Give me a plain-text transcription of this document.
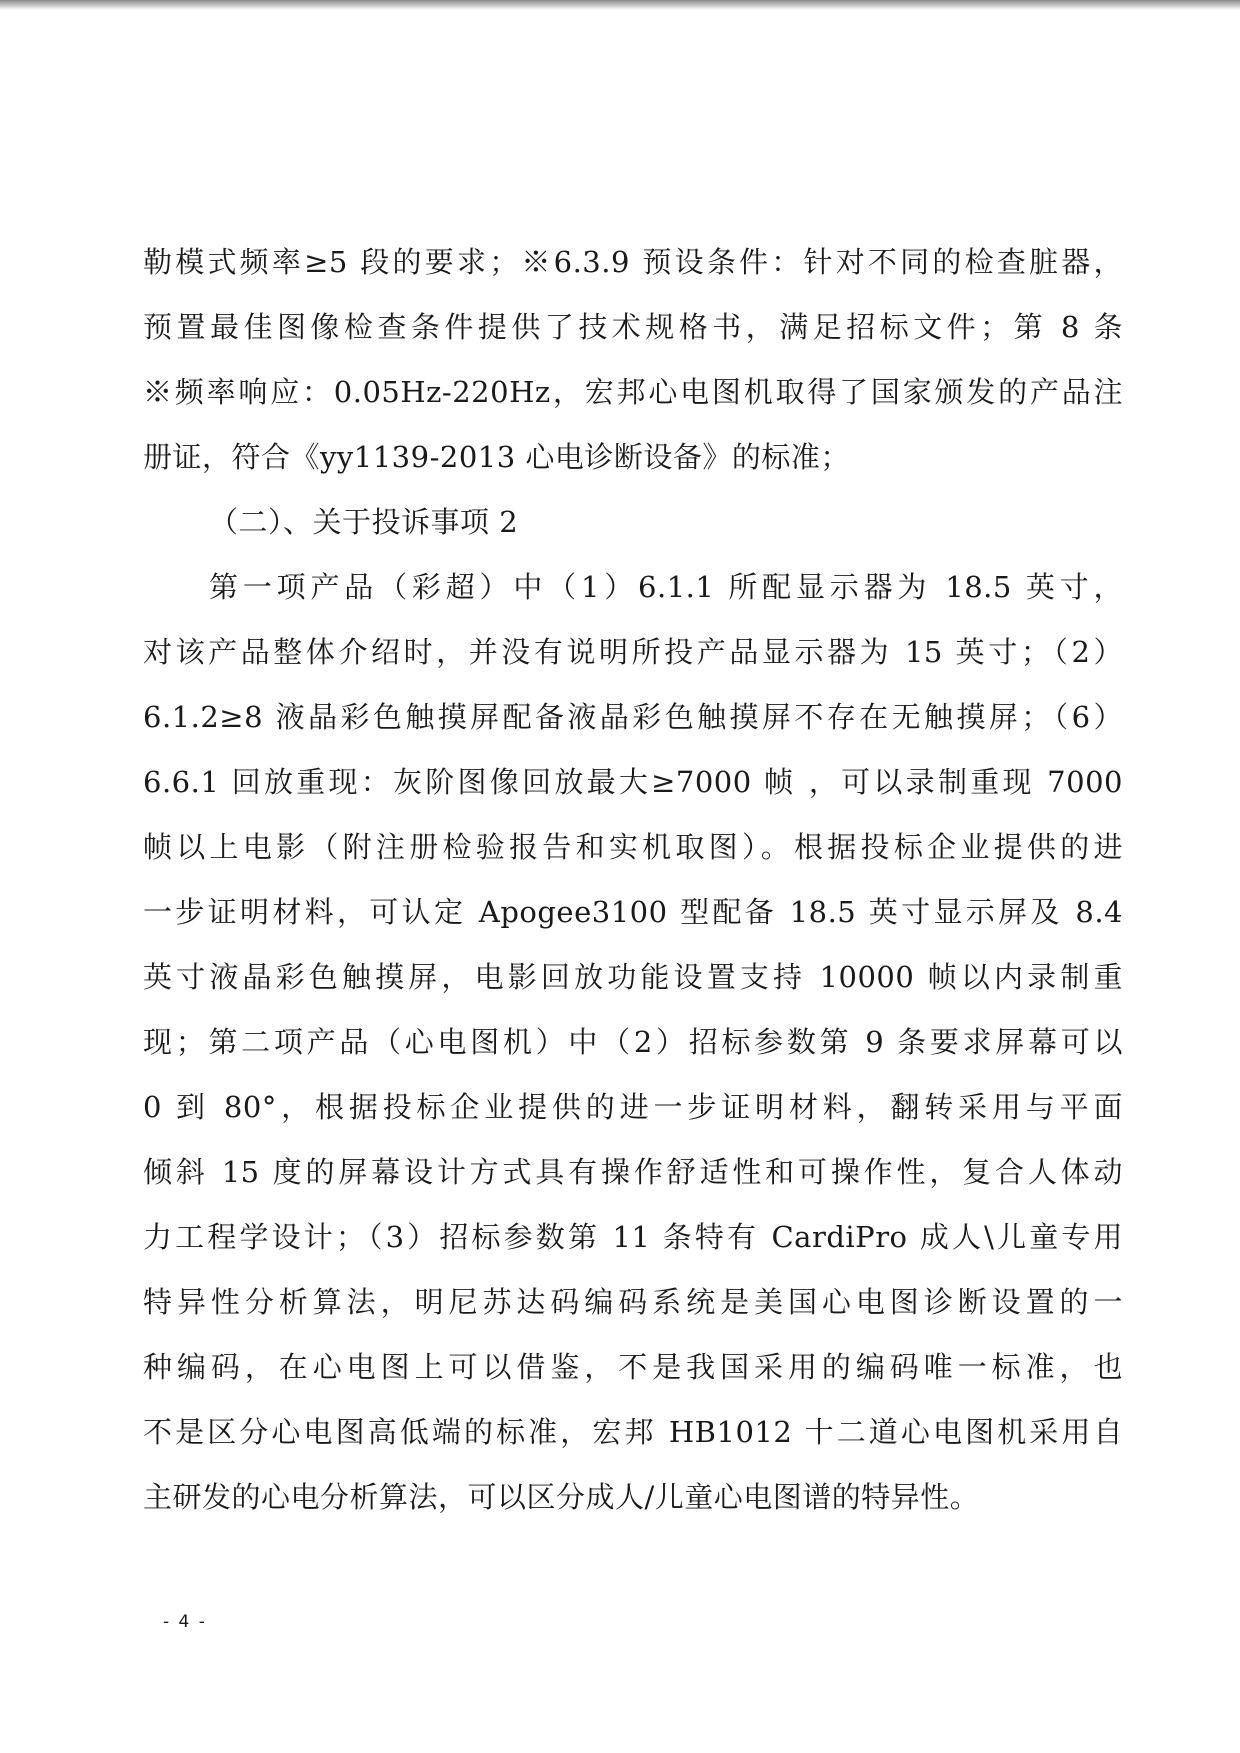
勒模式频率≥5 段的要求；※6.3.9 预设条件：针对不同的检查脏器，
预置最佳图像检查条件提供了技术规格书，满足招标文件；第 8 条
※频率响应：0.05Hz-220Hz，宏邦心电图机取得了国家颁发的产品注
册证，符合《yy1139-2013 心电诊断设备》的标准；
（二）、关于投诉事项 2
第一项产品（彩超）中（1）6.1.1 所配显示器为 18.5 英寸，
对该产品整体介绍时，并没有说明所投产品显示器为 15 英寸；（2）
6.1.2≥8 液晶彩色触摸屏配备液晶彩色触摸屏不存在无触摸屏；（6）
6.6.1 回放重现：灰阶图像回放最大≥7000 帧 ，可以录制重现 7000
帧以上电影（附注册检验报告和实机取图）。根据投标企业提供的进
一步证明材料，可认定 Apogee3100 型配备 18.5 英寸显示屏及 8.4
英寸液晶彩色触摸屏，电影回放功能设置支持 10000 帧以内录制重
现；第二项产品（心电图机）中（2）招标参数第 9 条要求屏幕可以
0 到 80°，根据投标企业提供的进一步证明材料，翻转采用与平面
倾斜 15 度的屏幕设计方式具有操作舒适性和可操作性，复合人体动
力工程学设计；（3）招标参数第 11 条特有 CardiPro 成人\儿童专用
特异性分析算法，明尼苏达码编码系统是美国心电图诊断设置的一
种编码，在心电图上可以借鉴，不是我国采用的编码唯一标准，也
不是区分心电图高低端的标准，宏邦 HB1012 十二道心电图机采用自
主研发的心电分析算法，可以区分成人/儿童心电图谱的特异性。
- 4 -
